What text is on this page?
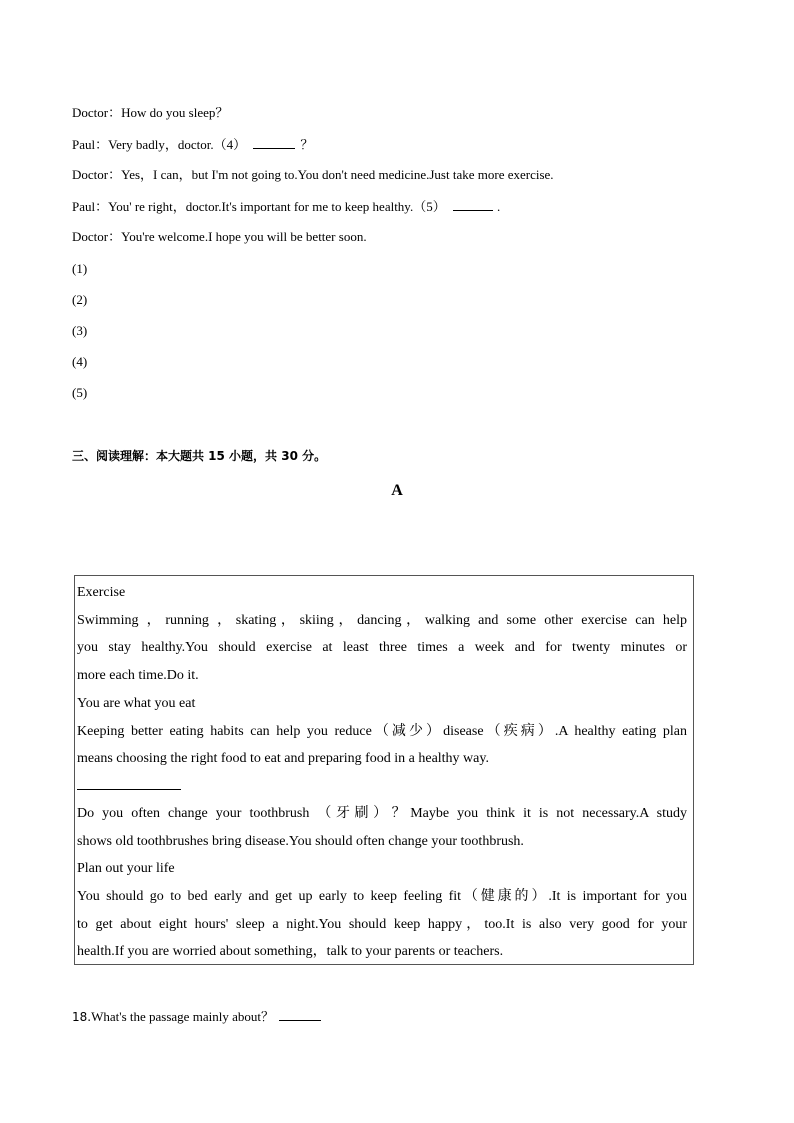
Doctor：How do you sleep？
Paul：Very badly，doctor.（4）	？
Doctor：Yes，I can，but I'm not going to.You don't need medicine.Just take more exercise.
Paul：You' re right，doctor.It's important for me to keep healthy.（5）	.
Doctor：You're welcome.I hope you will be better soon.
(1)
(2)
(3)
(4)
(5)
三、阅读理解：本大题共 15 小题，共 30 分。
A
Exercise
Swimming ，running ，skating，skiing，dancing，walking and some other exercise can help
you stay healthy.You should exercise at least three times a week and for twenty minutes or
more each time.Do it.
You are what you eat
Keeping better eating habits can help you reduce（减少）disease（疾病）.A healthy eating plan
means choosing the right food to eat and preparing food in a healthy way.
Do you often change your toothbrush （牙刷）？Maybe you think it is not necessary.A study
shows old toothbrushes bring disease.You should often change your toothbrush.
Plan out your life
You should go to bed early and get up early to keep feeling fit（健康的）.It is important for you
to get about eight hours' sleep a night.You should keep happy，too.It is also very good for your
health.If you are worried about something，talk to your parents or teachers.
18.What's the passage mainly about？
